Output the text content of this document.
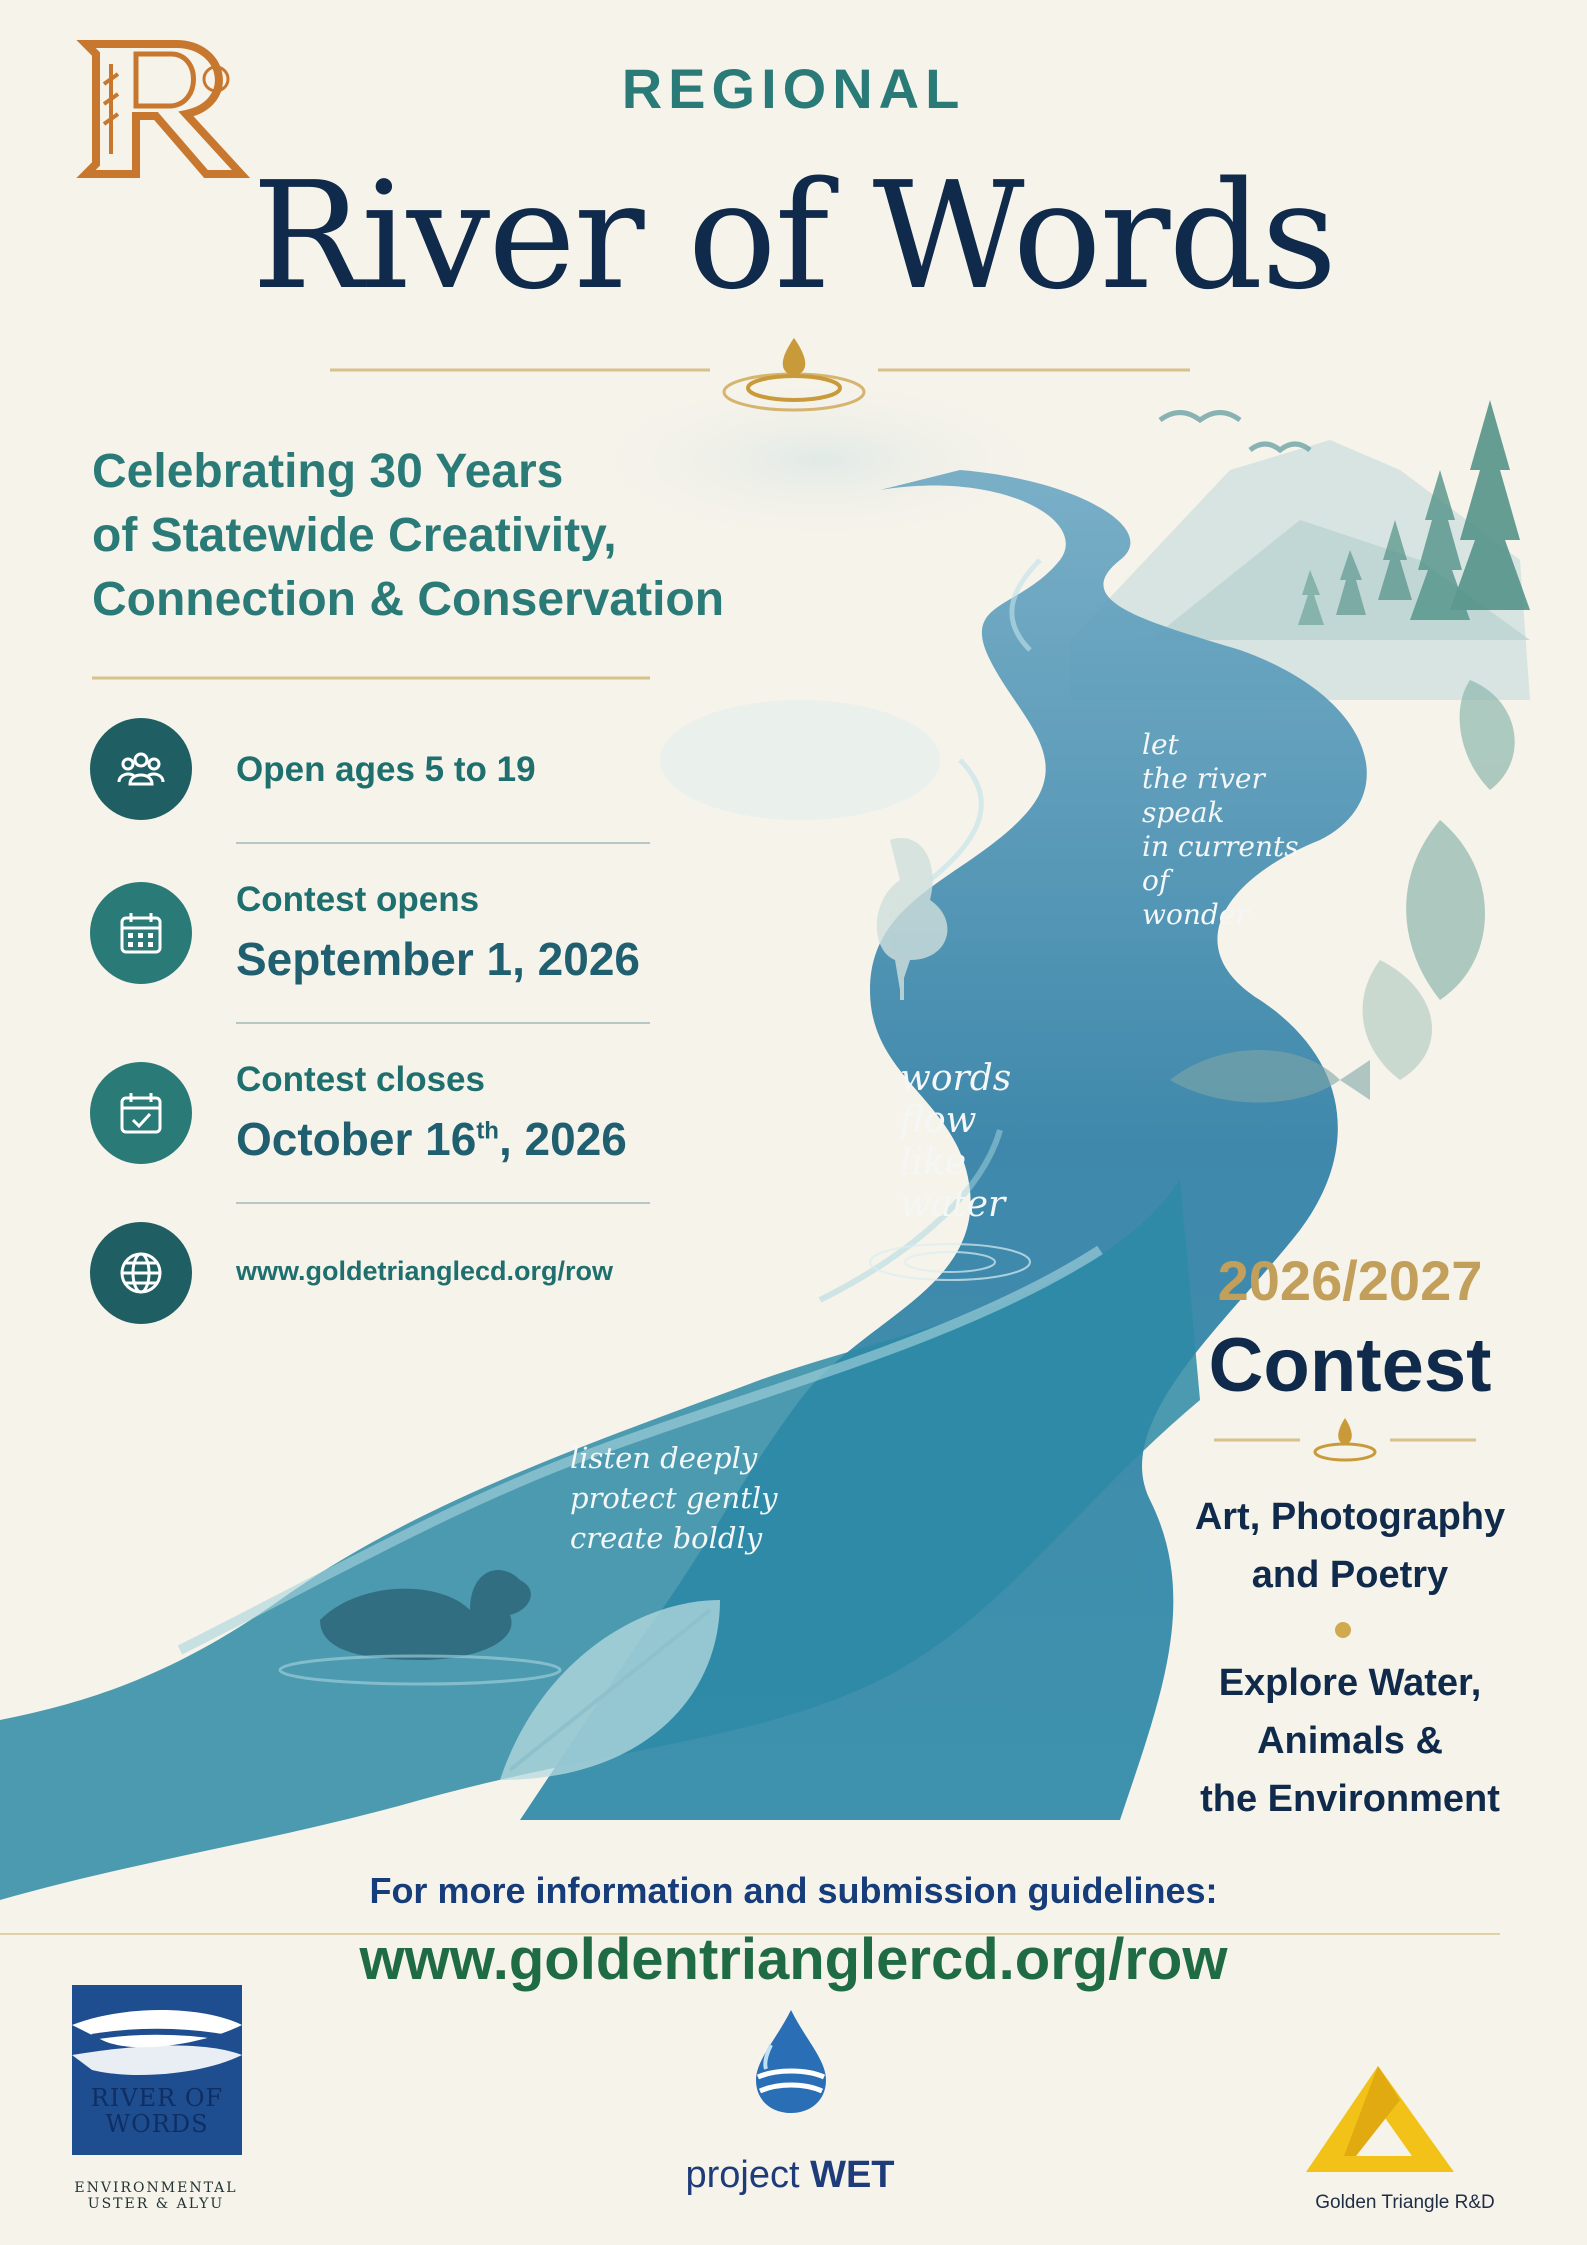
REGIONAL
River of Words
Celebrating 30 Years
of Statewide Creativity,
Connection & Conservation
Open ages 5 to 19
Contest opens
September 1, 2026
Contest closes
October 16th, 2026
www.goldetrianglecd.org/row
let
the river
speak
in currents
of
wonder
words
flow
like
water
listen deeply
protect gently
create boldly
2026/2027
Contest
Art, Photography
and Poetry
Explore Water,
Animals &
the Environment
For more information and submission guidelines:
www.goldentrianglercd.org/row
RIVER OF
WORDS
ENVIRONMENTAL
USTER & ALYU
project WET
Golden Triangle R&D
